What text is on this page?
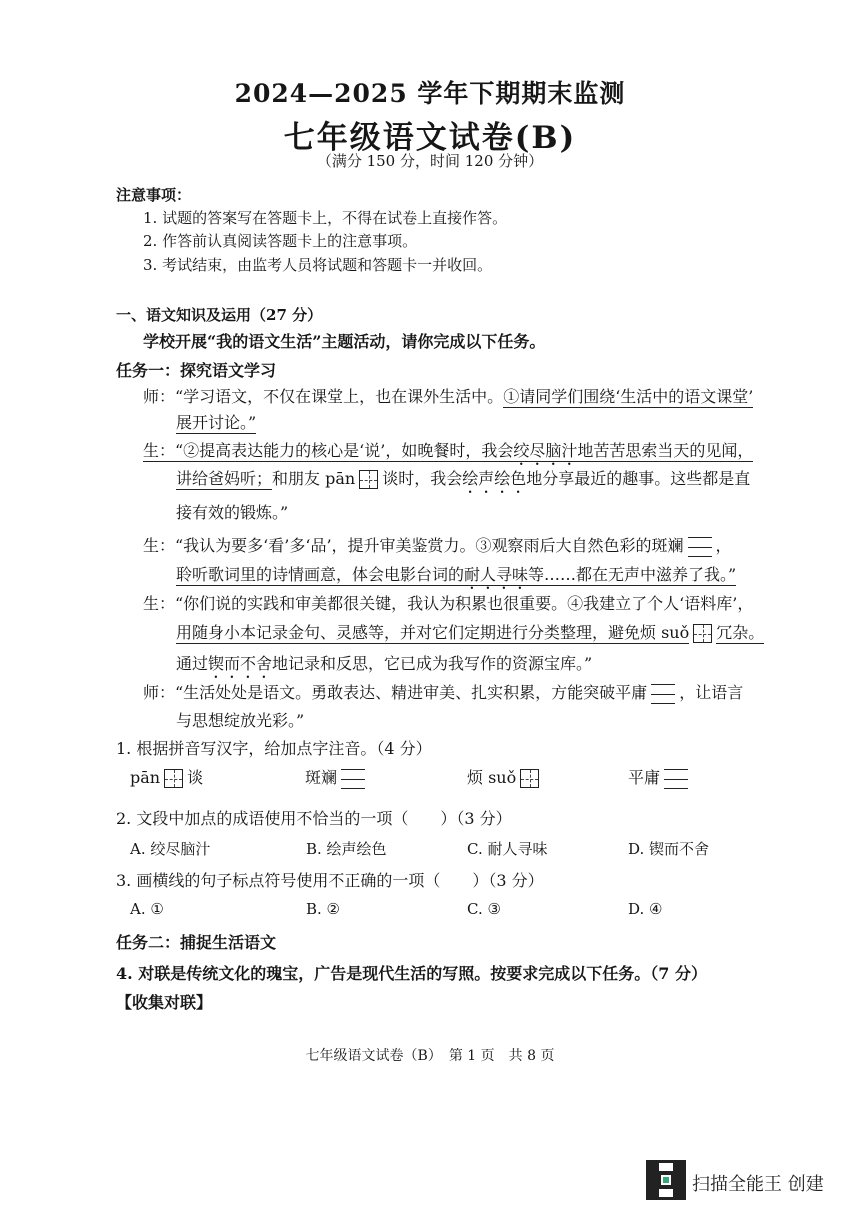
2024—2025 学年下期期末监测
七年级语文试卷(B)
（满分 150 分，时间 120 分钟）
注意事项：
1. 试题的答案写在答题卡上，不得在试卷上直接作答。
2. 作答前认真阅读答题卡上的注意事项。
3. 考试结束，由监考人员将试题和答题卡一并收回。
一、语文知识及运用（27 分）
学校开展“我的语文生活”主题活动，请你完成以下任务。
任务一：探究语文学习
师：“学习语文，不仅在课堂上，也在课外生活中。①请同学们围绕‘生活中的语文课堂’
展开讨论。”
生：“②提高表达能力的核心是‘说’，如晚餐时，我会绞尽脑汁地苦苦思索当天的见闻，
讲给爸妈听；和朋友 pān 谈时，我会绘声绘色地分享最近的趣事。这些都是直
接有效的锻炼。”
生：“我认为要多‘看’多‘品’，提升审美鉴赏力。③观察雨后大自然色彩的斑斓 ，
聆听歌词里的诗情画意，体会电影台词的耐人寻味等……都在无声中滋养了我。”
生：“你们说的实践和审美都很关键，我认为积累也很重要。④我建立了个人‘语料库’，
用随身小本记录金句、灵感等，并对它们定期进行分类整理，避免烦 suǒ 冗杂。
通过锲而不舍地记录和反思，它已成为我写作的资源宝库。”
师：“生活处处是语文。勇敢表达、精进审美、扎实积累，方能突破平庸 ，让语言
与思想绽放光彩。”
1. 根据拼音写汉字，给加点字注音。（4 分）
pān 谈	斑斓	烦 suǒ	平庸
2. 文段中加点的成语使用不恰当的一项（　　）（3 分）
A. 绞尽脑汁	B. 绘声绘色	C. 耐人寻味	D. 锲而不舍
3. 画横线的句子标点符号使用不正确的一项（　　）（3 分）
A. ①	B. ②	C. ③	D. ④
任务二：捕捉生活语文
4. 对联是传统文化的瑰宝，广告是现代生活的写照。按要求完成以下任务。（7 分）
【收集对联】
七年级语文试卷（B）　第 1 页　共 8 页
扫描全能王 创建
